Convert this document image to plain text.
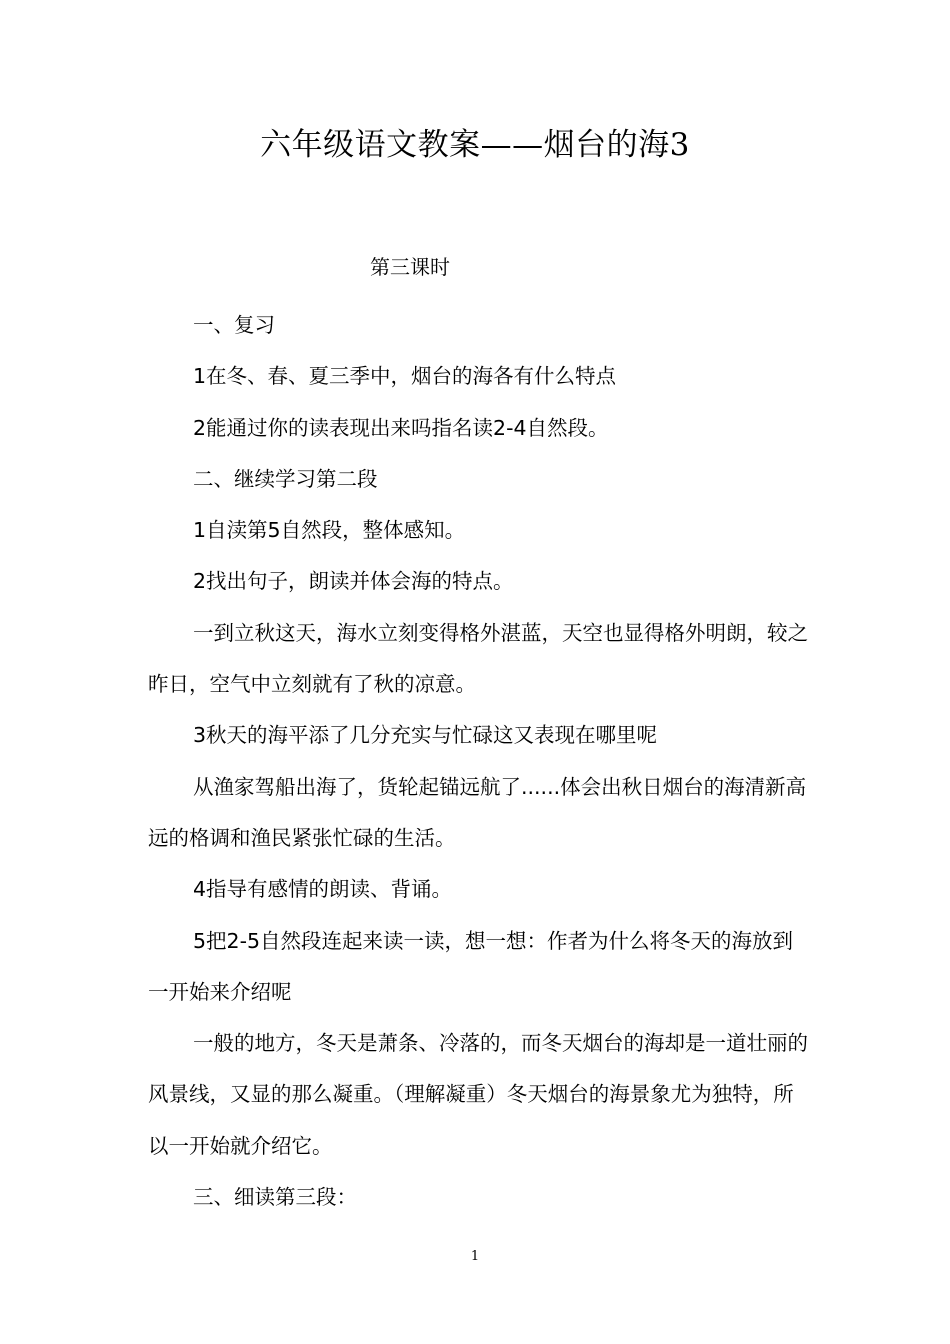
六年级语文教案——烟台的海3
第三课时

一、复习

1在冬、春、夏三季中，烟台的海各有什么特点

2能通过你的读表现出来吗指名读2-4自然段。

二、继续学习第二段

1自渎第5自然段，整体感知。

2找出句子，朗读并体会海的特点。

一到立秋这天，海水立刻变得格外湛蓝，天空也显得格外明朗，较之昨日，空气中立刻就有了秋的凉意。

3秋天的海平添了几分充实与忙碌这又表现在哪里呢

从渔家驾船出海了，货轮起锚远航了......体会出秋日烟台的海清新高远的格调和渔民紧张忙碌的生活。

4指导有感情的朗读、背诵。

5把2-5自然段连起来读一读，想一想：作者为什么将冬天的海放到一开始来介绍呢

一般的地方，冬天是萧条、冷落的，而冬天烟台的海却是一道壮丽的风景线，又显的那么凝重。（理解凝重）冬天烟台的海景象尤为独特，所以一开始就介绍它。

三、细读第三段：

1
